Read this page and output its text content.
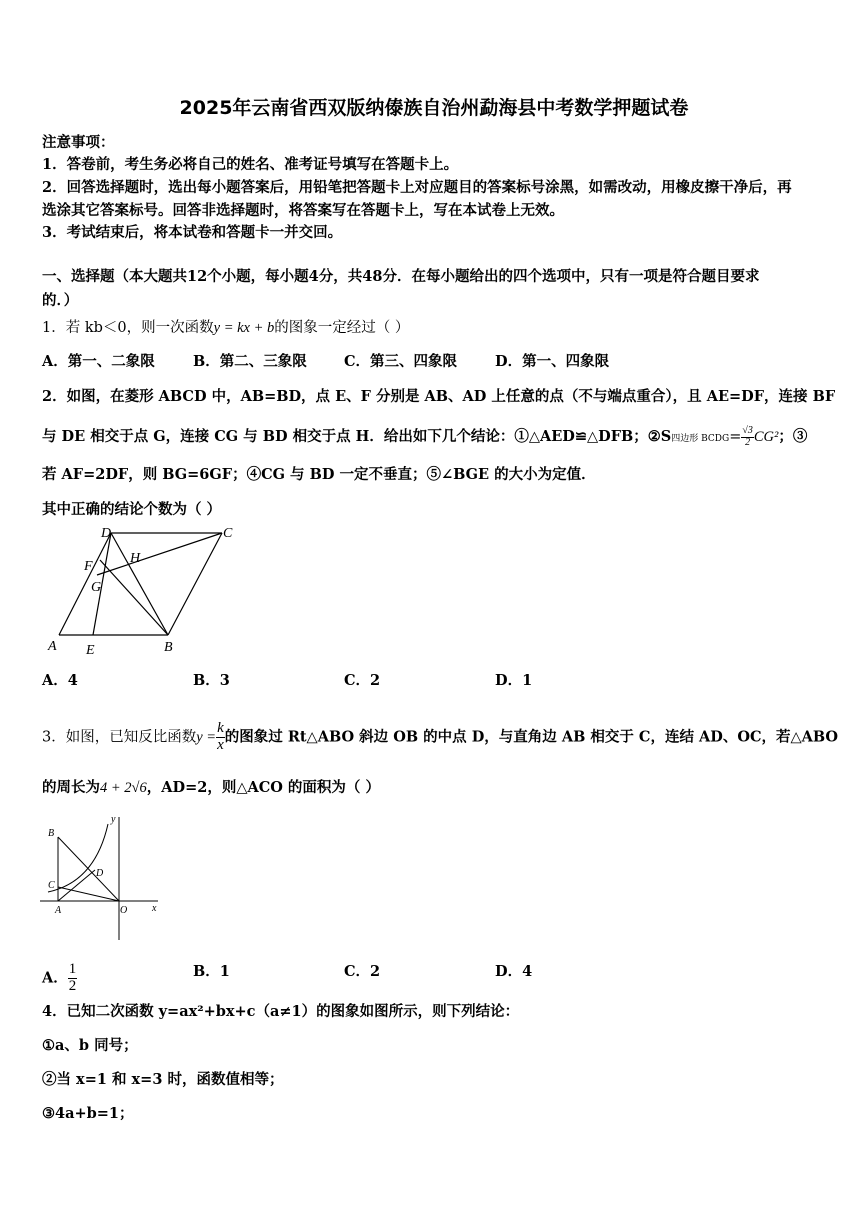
2025年云南省西双版纳傣族自治州勐海县中考数学押题试卷
注意事项：
1．答卷前，考生务必将自己的姓名、准考证号填写在答题卡上。
2．回答选择题时，选出每小题答案后，用铅笔把答题卡上对应题目的答案标号涂黑，如需改动，用橡皮擦干净后，再
选涂其它答案标号。回答非选择题时，将答案写在答题卡上，写在本试卷上无效。
3．考试结束后，将本试卷和答题卡一并交回。
一、选择题（本大题共12个小题，每小题4分，共48分．在每小题给出的四个选项中，只有一项是符合题目要求
的．）
1．若 kb＜0，则一次函数y = kx + b的图象一定经过（ ）
A．第一、二象限	B．第二、三象限	C．第三、四象限	D．第一、四象限
2．如图，在菱形 ABCD 中，AB=BD，点 E、F 分别是 AB、AD 上任意的点（不与端点重合），且 AE=DF，连接 BF
与 DE 相交于点 G，连接 CG 与 BD 相交于点 H．给出如下几个结论：①△AED≌△DFB；②S四边形 BCDG= $\frac{√3}{2} CG^2$；③
若 AF=2DF，则 BG=6GF；④CG 与 BD 一定不垂直；⑤∠BGE 的大小为定值．
其中正确的结论个数为（ ）
D	C
H
F
G
A E	B
A．4	B．3	C．2	D．1
3．如图，已知反比函数$y = \frac{k}{x}$ 的图象过 Rt△ABO 斜边 OB 的中点 D，与直角边 AB 相交于 C，连结 AD、OC，若△ABO
的周长为4 + 2√6，AD=2，则△ACO 的面积为（ ）
B
y
D
C
A	O x
A． $\frac{1}{2}$	B．1	C．2	D．4
4．已知二次函数 y=ax²+bx+c（a≠1）的图象如图所示，则下列结论：
①a、b 同号；
②当 x=1 和 x=3 时，函数值相等；
③4a+b=1；
